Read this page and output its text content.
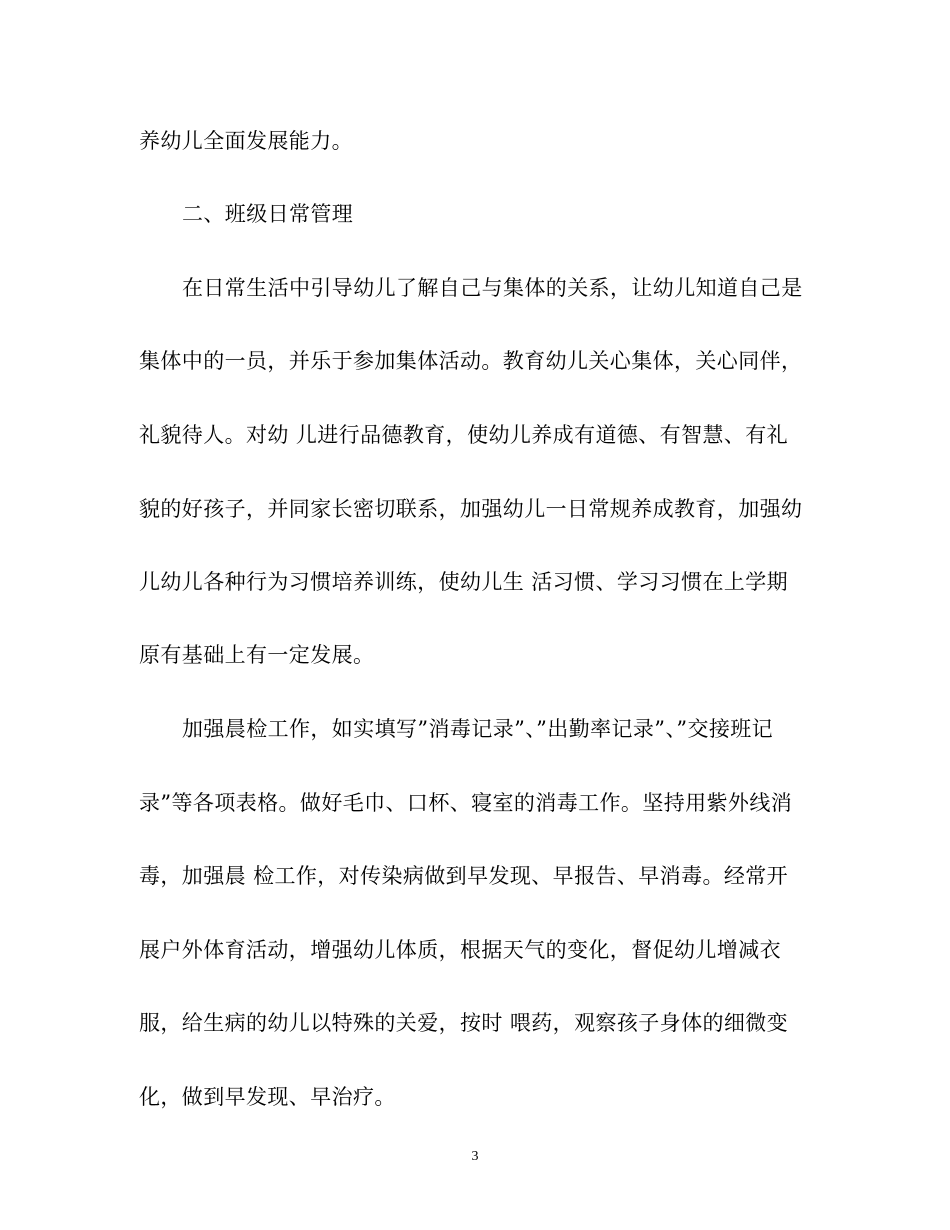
养幼儿全面发展能力。
二、班级日常管理
在日常生活中引导幼儿了解自己与集体的关系，让幼儿知道自己是
集体中的一员，并乐于参加集体活动。教育幼儿关心集体，关心同伴，
礼貌待人。对幼 儿进行品德教育，使幼儿养成有道德、有智慧、有礼
貌的好孩子，并同家长密切联系，加强幼儿一日常规养成教育，加强幼
儿幼儿各种行为习惯培养训练，使幼儿生 活习惯、学习习惯在上学期
原有基础上有一定发展。
加强晨检工作，如实填写”消毒记录”、”出勤率记录”、”交接班记
录”等各项表格。做好毛巾、口杯、寝室的消毒工作。坚持用紫外线消
毒，加强晨 检工作，对传染病做到早发现、早报告、早消毒。经常开
展户外体育活动，增强幼儿体质，根据天气的变化，督促幼儿增减衣
服，给生病的幼儿以特殊的关爱，按时 喂药，观察孩子身体的细微变
化，做到早发现、早治疗。
3
